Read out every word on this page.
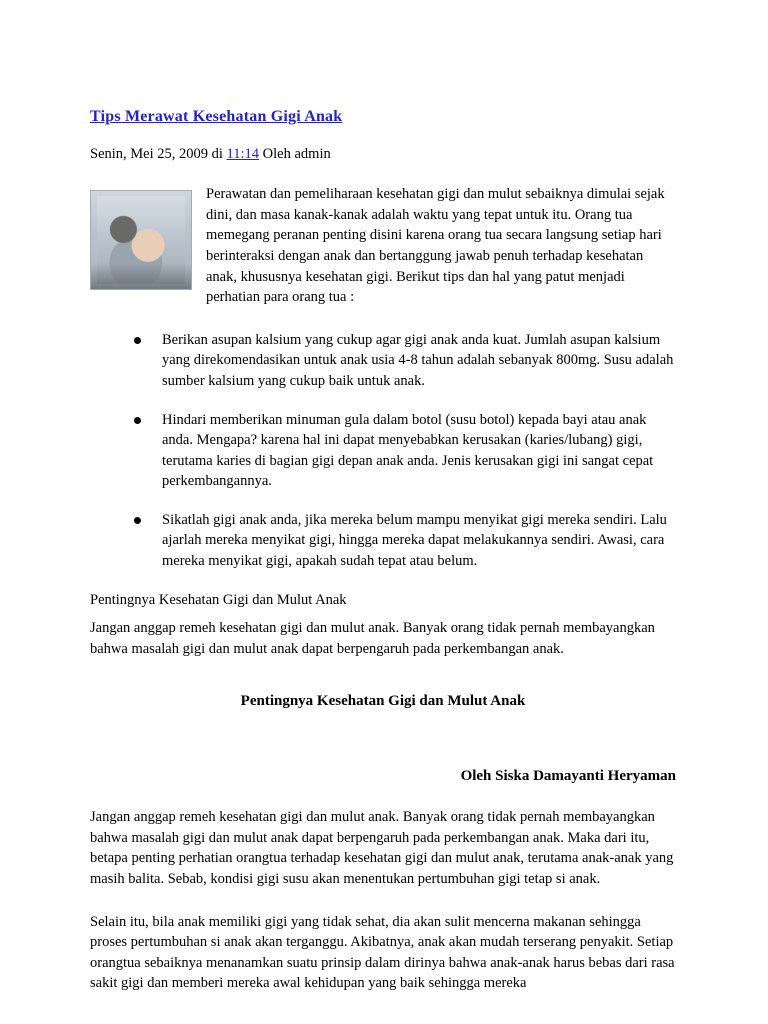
Tips Merawat Kesehatan Gigi Anak

Senin, Mei 25, 2009 di 11:14 Oleh admin

Perawatan dan pemeliharaan kesehatan gigi dan mulut sebaiknya dimulai sejak dini, dan masa kanak-kanak adalah waktu yang tepat untuk itu. Orang tua memegang peranan penting disini karena orang tua secara langsung setiap hari berinteraksi dengan anak dan bertanggung jawab penuh terhadap kesehatan anak, khususnya kesehatan gigi. Berikut tips dan hal yang patut menjadi perhatian para orang tua :

Berikan asupan kalsium yang cukup agar gigi anak anda kuat. Jumlah asupan kalsium yang direkomendasikan untuk anak usia 4-8 tahun adalah sebanyak 800mg. Susu adalah sumber kalsium yang cukup baik untuk anak.
Hindari memberikan minuman gula dalam botol (susu botol) kepada bayi atau anak anda. Mengapa? karena hal ini dapat menyebabkan kerusakan (karies/lubang) gigi, terutama karies di bagian gigi depan anak anda. Jenis kerusakan gigi ini sangat cepat perkembangannya.
Sikatlah gigi anak anda, jika mereka belum mampu menyikat gigi mereka sendiri. Lalu ajarlah mereka menyikat gigi, hingga mereka dapat melakukannya sendiri. Awasi, cara mereka menyikat gigi, apakah sudah tepat atau belum.

Pentingnya Kesehatan Gigi dan Mulut Anak

Jangan anggap remeh kesehatan gigi dan mulut anak. Banyak orang tidak pernah membayangkan bahwa masalah gigi dan mulut anak dapat berpengaruh pada perkembangan anak.

Pentingnya Kesehatan Gigi dan Mulut Anak

Oleh Siska Damayanti Heryaman

Jangan anggap remeh kesehatan gigi dan mulut anak. Banyak orang tidak pernah membayangkan bahwa masalah gigi dan mulut anak dapat berpengaruh pada perkembangan anak. Maka dari itu, betapa penting perhatian orangtua terhadap kesehatan gigi dan mulut anak, terutama anak-anak yang masih balita. Sebab, kondisi gigi susu akan menentukan pertumbuhan gigi tetap si anak.

Selain itu, bila anak memiliki gigi yang tidak sehat, dia akan sulit mencerna makanan sehingga proses pertumbuhan si anak akan terganggu. Akibatnya, anak akan mudah terserang penyakit. Setiap orangtua sebaiknya menanamkan suatu prinsip dalam dirinya bahwa anak-anak harus bebas dari rasa sakit gigi dan memberi mereka awal kehidupan yang baik sehingga mereka
